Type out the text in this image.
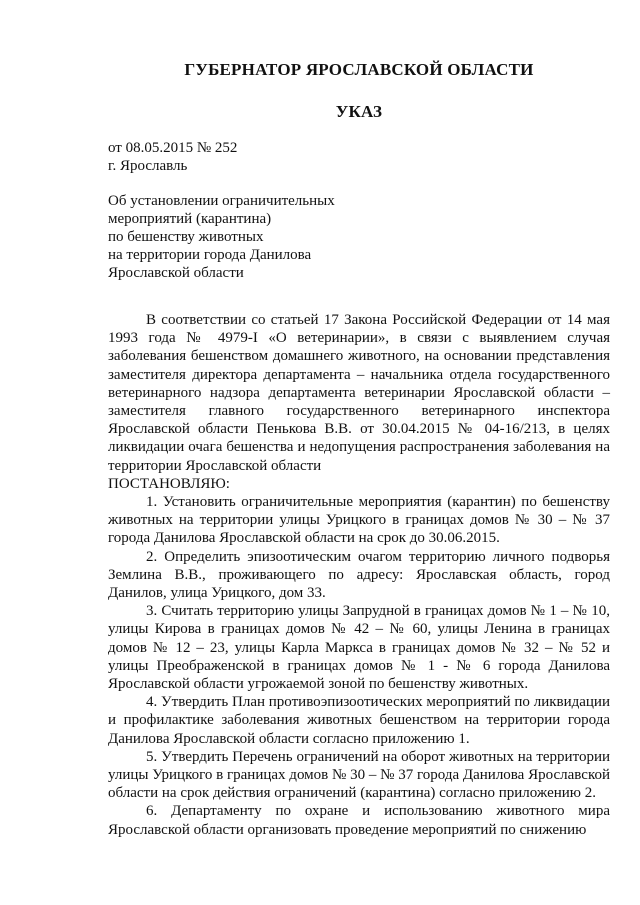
ГУБЕРНАТОР ЯРОСЛАВСКОЙ ОБЛАСТИ
УКАЗ
от 08.05.2015 № 252
г. Ярославль
Об установлении ограничительных
мероприятий (карантина)
по бешенству животных
на территории города Данилова
Ярославской области

В соответствии со статьей 17 Закона Российской Федерации от 14 мая 1993 года № 4979-I «О ветеринарии», в связи с выявлением случая заболевания бешенством домашнего животного, на основании представления заместителя директора департамента – начальника отдела государственного ветеринарного надзора департамента ветеринарии Ярославской области – заместителя главного государственного ветеринарного инспектора Ярославской области Пенькова В.В. от 30.04.2015 № 04-16/213, в целях ликвидации очага бешенства и недопущения распространения заболевания на территории Ярославской области

ПОСТАНОВЛЯЮ:

1. Установить ограничительные мероприятия (карантин) по бешенству животных на территории улицы Урицкого в границах домов № 30 – № 37 города Данилова Ярославской области на срок до 30.06.2015.

2. Определить эпизоотическим очагом территорию личного подворья Землина В.В., проживающего по адресу: Ярославская область, город Данилов, улица Урицкого, дом 33.

3. Считать территорию улицы Запрудной в границах домов № 1 – № 10, улицы Кирова в границах домов № 42 – № 60, улицы Ленина в границах домов № 12 – 23, улицы Карла Маркса в границах домов № 32 – № 52 и улицы Преображенской в границах домов № 1 - № 6 города Данилова Ярославской области угрожаемой зоной по бешенству животных.

4. Утвердить План противоэпизоотических мероприятий по ликвидации и профилактике заболевания животных бешенством на территории города Данилова Ярославской области согласно приложению 1.

5. Утвердить Перечень ограничений на оборот животных на территории улицы Урицкого в границах домов № 30 – № 37 города Данилова Ярославской области на срок действия ограничений (карантина) согласно приложению 2.

6. Департаменту по охране и использованию животного мира Ярославской области организовать проведение мероприятий по снижению
